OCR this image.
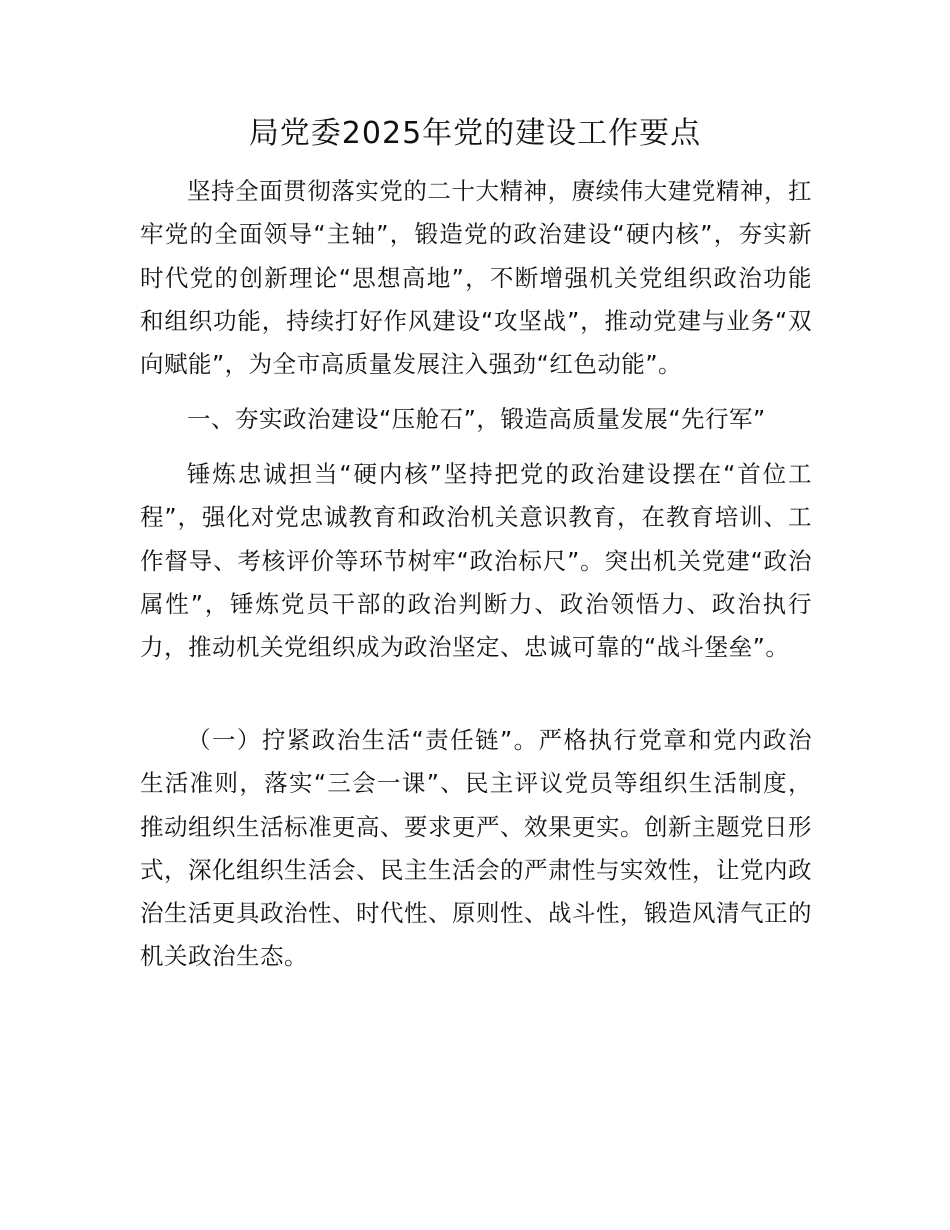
局党委2025年党的建设工作要点

坚持全面贯彻落实党的二十大精神，赓续伟大建党精神，扛牢党的全面领导“主轴”，锻造党的政治建设“硬内核”，夯实新时代党的创新理论“思想高地”，不断增强机关党组织政治功能和组织功能，持续打好作风建设“攻坚战”，推动党建与业务“双向赋能”，为全市高质量发展注入强劲“红色动能”。

一、夯实政治建设“压舱石”，锻造高质量发展“先行军”

锤炼忠诚担当“硬内核”坚持把党的政治建设摆在“首位工程”，强化对党忠诚教育和政治机关意识教育，在教育培训、工作督导、考核评价等环节树牢“政治标尺”。突出机关党建“政治属性”，锤炼党员干部的政治判断力、政治领悟力、政治执行力，推动机关党组织成为政治坚定、忠诚可靠的“战斗堡垒”。

（一）拧紧政治生活“责任链”。严格执行党章和党内政治生活准则，落实“三会一课”、民主评议党员等组织生活制度，推动组织生活标准更高、要求更严、效果更实。创新主题党日形式，深化组织生活会、民主生活会的严肃性与实效性，让党内政治生活更具政治性、时代性、原则性、战斗性，锻造风清气正的机关政治生态。
